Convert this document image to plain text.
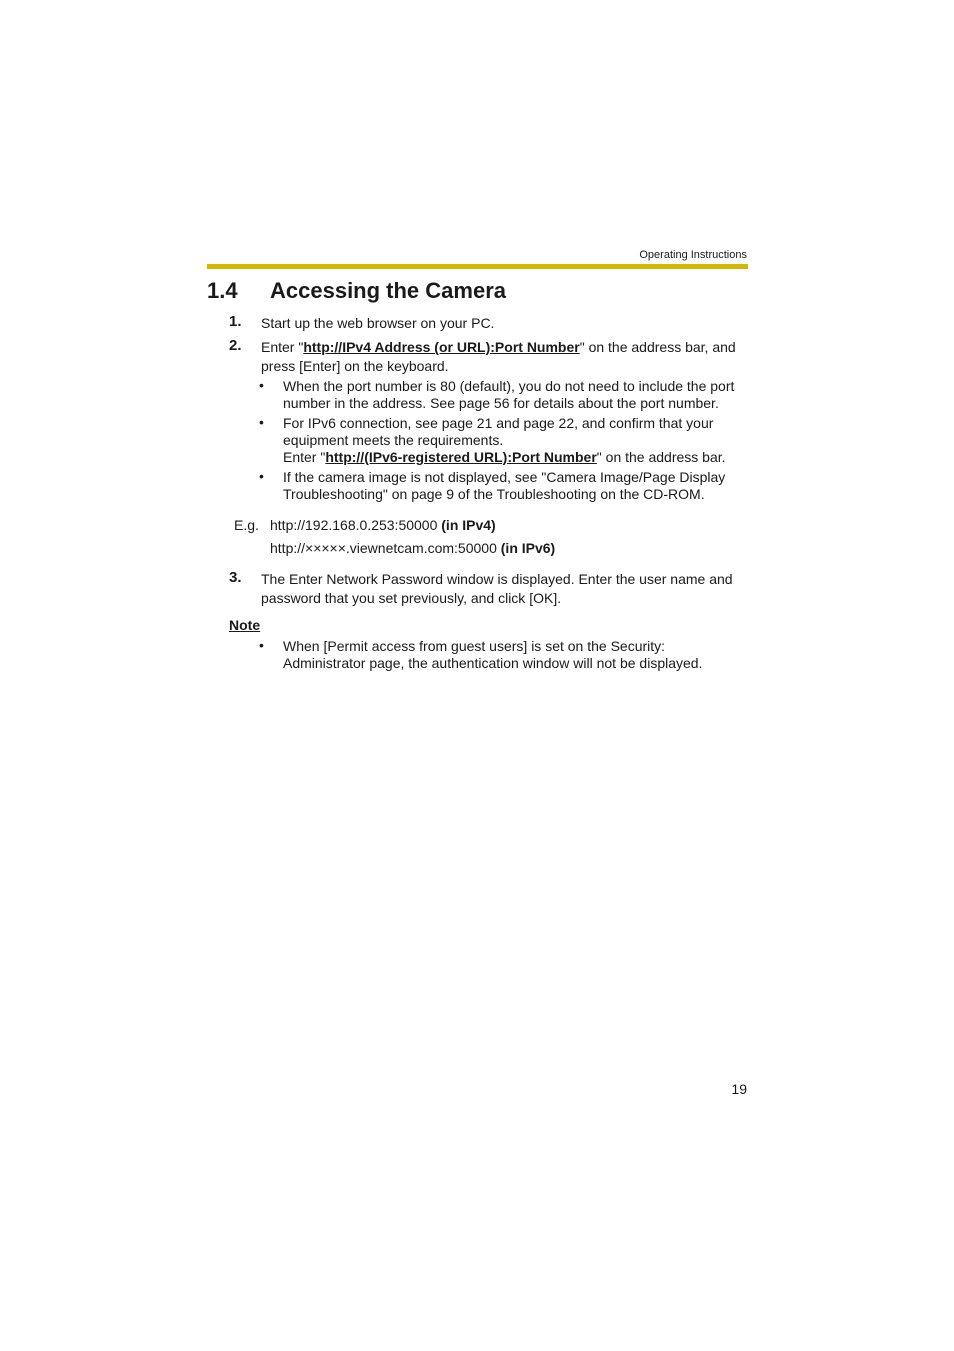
Operating Instructions
1.4 Accessing the Camera
1. Start up the web browser on your PC.
2. Enter "http://IPv4 Address (or URL):Port Number" on the address bar, and
press [Enter] on the keyboard.
• When the port number is 80 (default), you do not need to include the port
number in the address. See page 56 for details about the port number.
• For IPv6 connection, see page 21 and page 22, and confirm that your
equipment meets the requirements.
Enter "http://(IPv6-registered URL):Port Number" on the address bar.
• If the camera image is not displayed, see "Camera Image/Page Display
Troubleshooting" on page 9 of the Troubleshooting on the CD-ROM.
E.g. http://192.168.0.253:50000 (in IPv4)
http://×××××.viewnetcam.com:50000 (in IPv6)
3. The Enter Network Password window is displayed. Enter the user name and
password that you set previously, and click [OK].
Note
• When [Permit access from guest users] is set on the Security:
Administrator page, the authentication window will not be displayed.
19
